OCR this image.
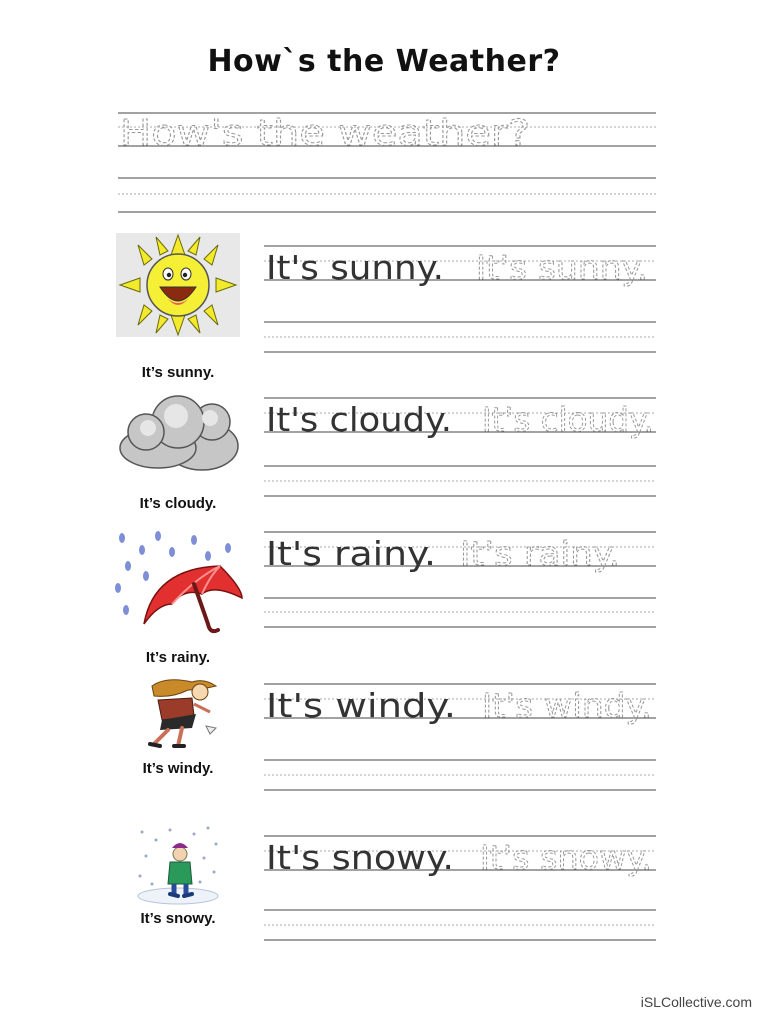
How`s the Weather?
How's the weather?
It's sunny. It's sunny.
It's cloudy. It's cloudy.
It's rainy. It's rainy.
It's windy. It's windy.
It's snowy. It's snowy.
It’s sunny.
It’s cloudy.
It’s rainy.
It’s windy.
It’s snowy.
iSLCollective.com
